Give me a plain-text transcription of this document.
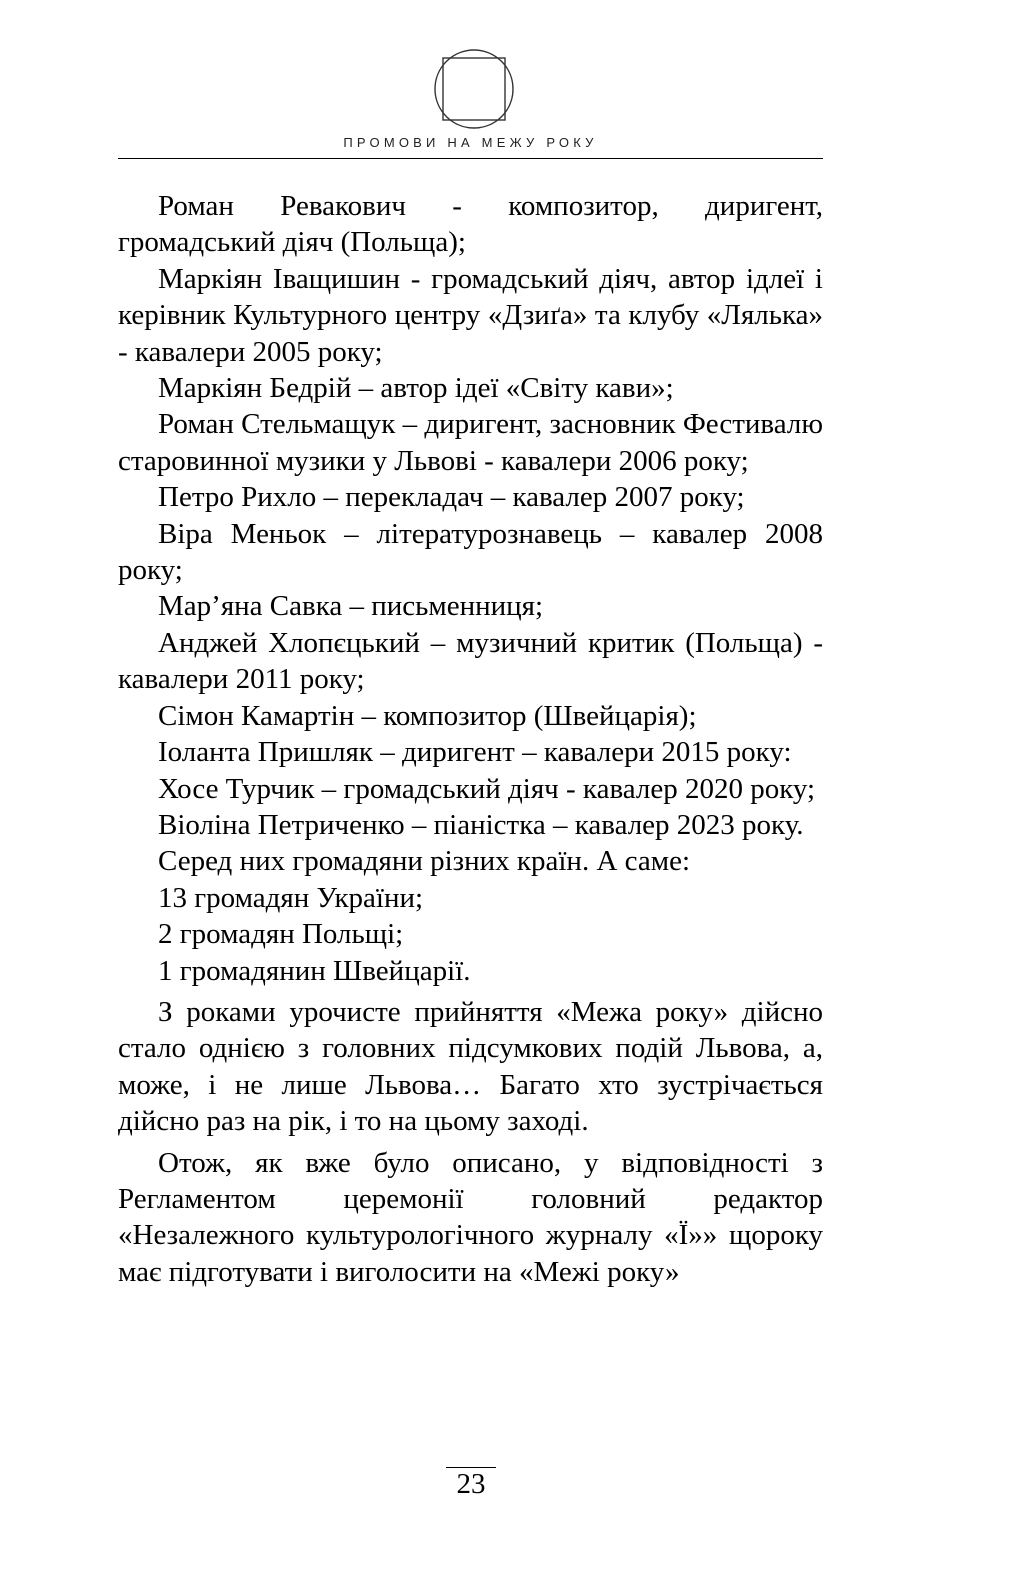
ПРОМОВИ НА МЕЖУ РОКУ

Роман Ревакович - композитор, диригент, громадський діяч (Польща);

Маркіян Іващишин - громадський діяч, автор ідлеї і керівник Культурного центру «Дзиґа» та клубу «Лялька» - кавалери 2005 року;

Маркіян Бедрій – автор ідеї «Світу кави»;

Роман Стельмащук – диригент, засновник Фестивалю старовинної музики у Львові - кавалери 2006 року;

Петро Рихло – перекладач – кавалер 2007 року;

Віра Меньок – літературознавець – кавалер 2008 року;

Мар’яна Савка – письменниця;

Анджей Хлопєцький – музичний критик (Польща) - кавалери 2011 року;

Сімон Камартін – композитор (Швейцарія);

Іоланта Пришляк – диригент – кавалери 2015 року:

Хосе Турчик – громадський діяч - кавалер 2020 року;

Віоліна Петриченко – піаністка – кавалер 2023 року.

Серед них громадяни різних країн. А саме:

13 громадян України;

2 громадян Польщі;

1 громадянин Швейцарії.

З роками урочисте прийняття «Межа року» дійсно стало однією з головних підсумкових подій Львова, а, може, і не лише Львова… Багато хто зустрічається дійсно раз на рік, і то на цьому заході.

Отож, як вже було описано, у відповідності з Регламентом церемонії головний редактор «Незалежного культурологічного журналу «Ї»» щороку має підготувати і виголосити на «Межі року»

23
